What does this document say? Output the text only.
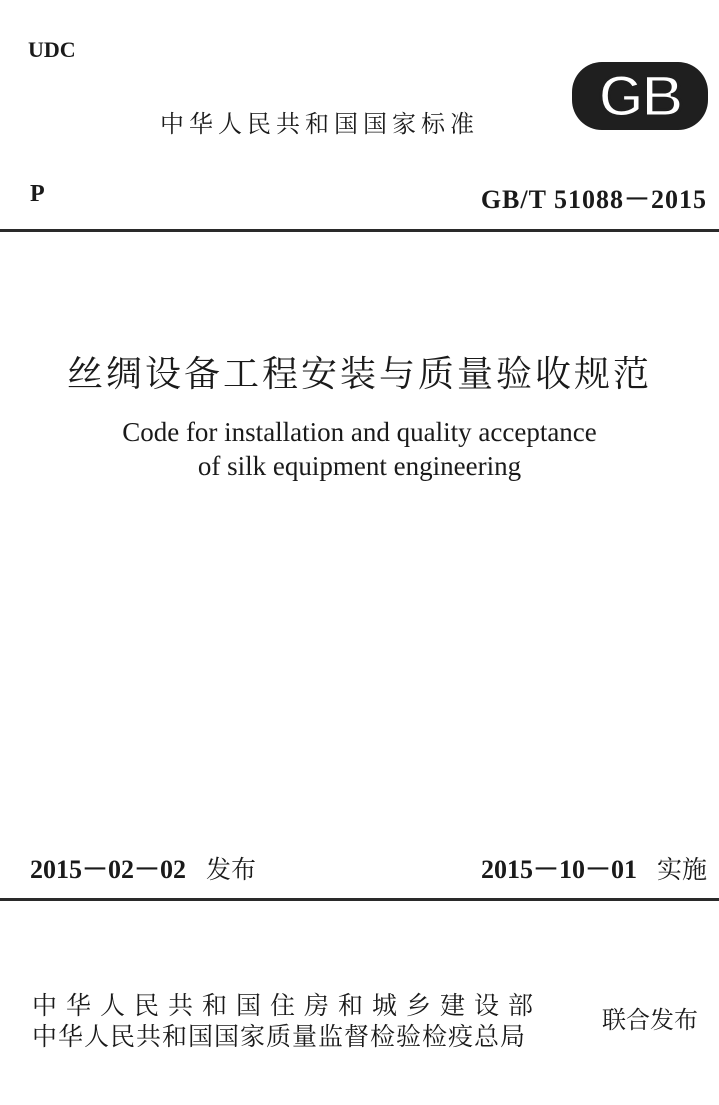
UDC
中华人民共和国国家标准 GB
P	GB/T 51088－2015
丝绸设备工程安装与质量验收规范
Code for installation and quality acceptance
of silk equipment engineering
2015－02－02 发布	2015－10－01 实施
中华人民共和国住房和城乡建设部
中华人民共和国国家质量监督检验检疫总局
联合发布
